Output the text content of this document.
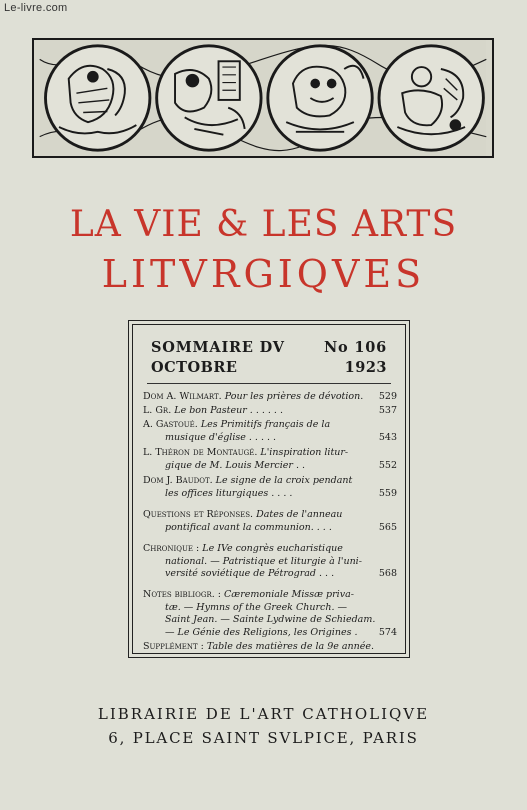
Le-livre.com
LA VIE & LES ARTS
LITVRGIQVES
SOMMAIRE DV	No 106
OCTOBRE	1923
Dom A. Wilmart. Pour les prières de dévotion.	529
L. Gr. Le bon Pasteur . . . . . .	537
A. Gastoué. Les Primitifs français de la
musique d'église . . . . .	543
L. Théron de Montaugé. L'inspiration litur-
gique de M. Louis Mercier . .	552
Dom J. Baudot. Le signe de la croix pendant
les offices liturgiques . . . .	559
Questions et Réponses. Dates de l'anneau
pontifical avant la communion. . . .	565
Chronique : Le IVe congrès eucharistique
national. — Patristique et liturgie à l'uni-
versité soviétique de Pétrograd . . .	568
Notes bibliogr. : Cæremoniale Missæ priva-
tæ. — Hymns of the Greek Church. —
Saint Jean. — Sainte Lydwine de Schiedam.
— Le Génie des Religions, les Origines .	574
Supplément : Table des matières de la 9e année.
LIBRAIRIE DE L'ART CATHOLIQVE
6, PLACE SAINT SVLPICE, PARIS
